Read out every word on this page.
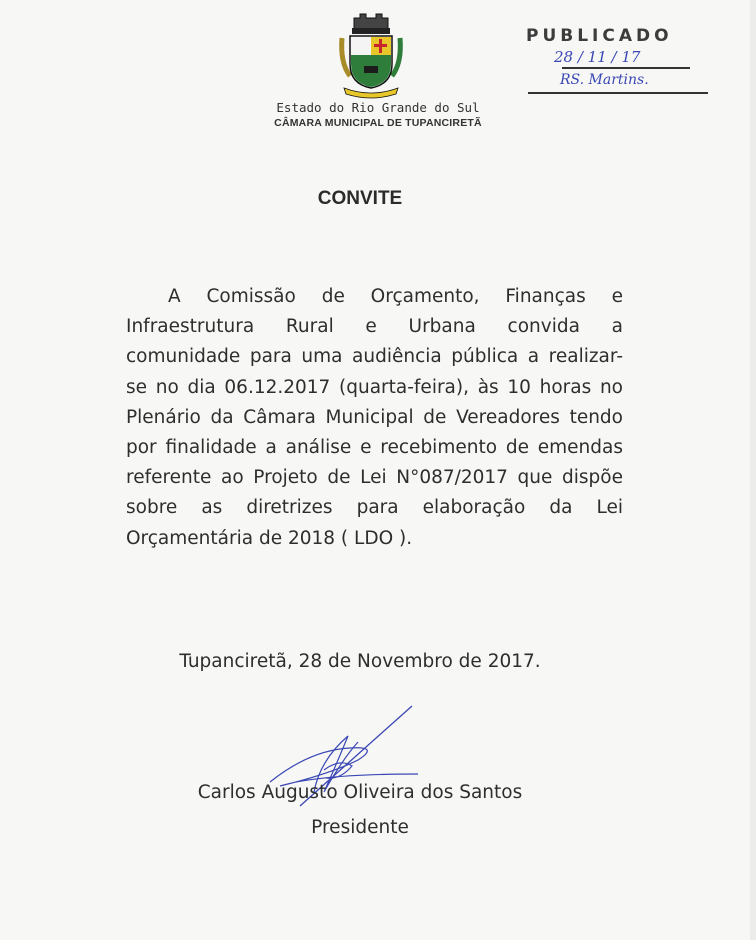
Estado do Rio Grande do Sul
CÂMARA MUNICIPAL DE TUPANCIRETÃ
PUBLICADO
28 / 11 / 17
RS. Martins.
CONVITE
A Comissão de Orçamento, Finanças e
Infraestrutura Rural e Urbana convida a
comunidade para uma audiência pública a realizar-
se no dia 06.12.2017 (quarta-feira), às 10 horas no
Plenário da Câmara Municipal de Vereadores tendo
por finalidade a análise e recebimento de emendas
referente ao Projeto de Lei N°087/2017 que dispõe
sobre as diretrizes para elaboração da Lei
Orçamentária de 2018 ( LDO ).
Tupanciretã, 28 de Novembro de 2017.
Carlos Augusto Oliveira dos Santos
Presidente
